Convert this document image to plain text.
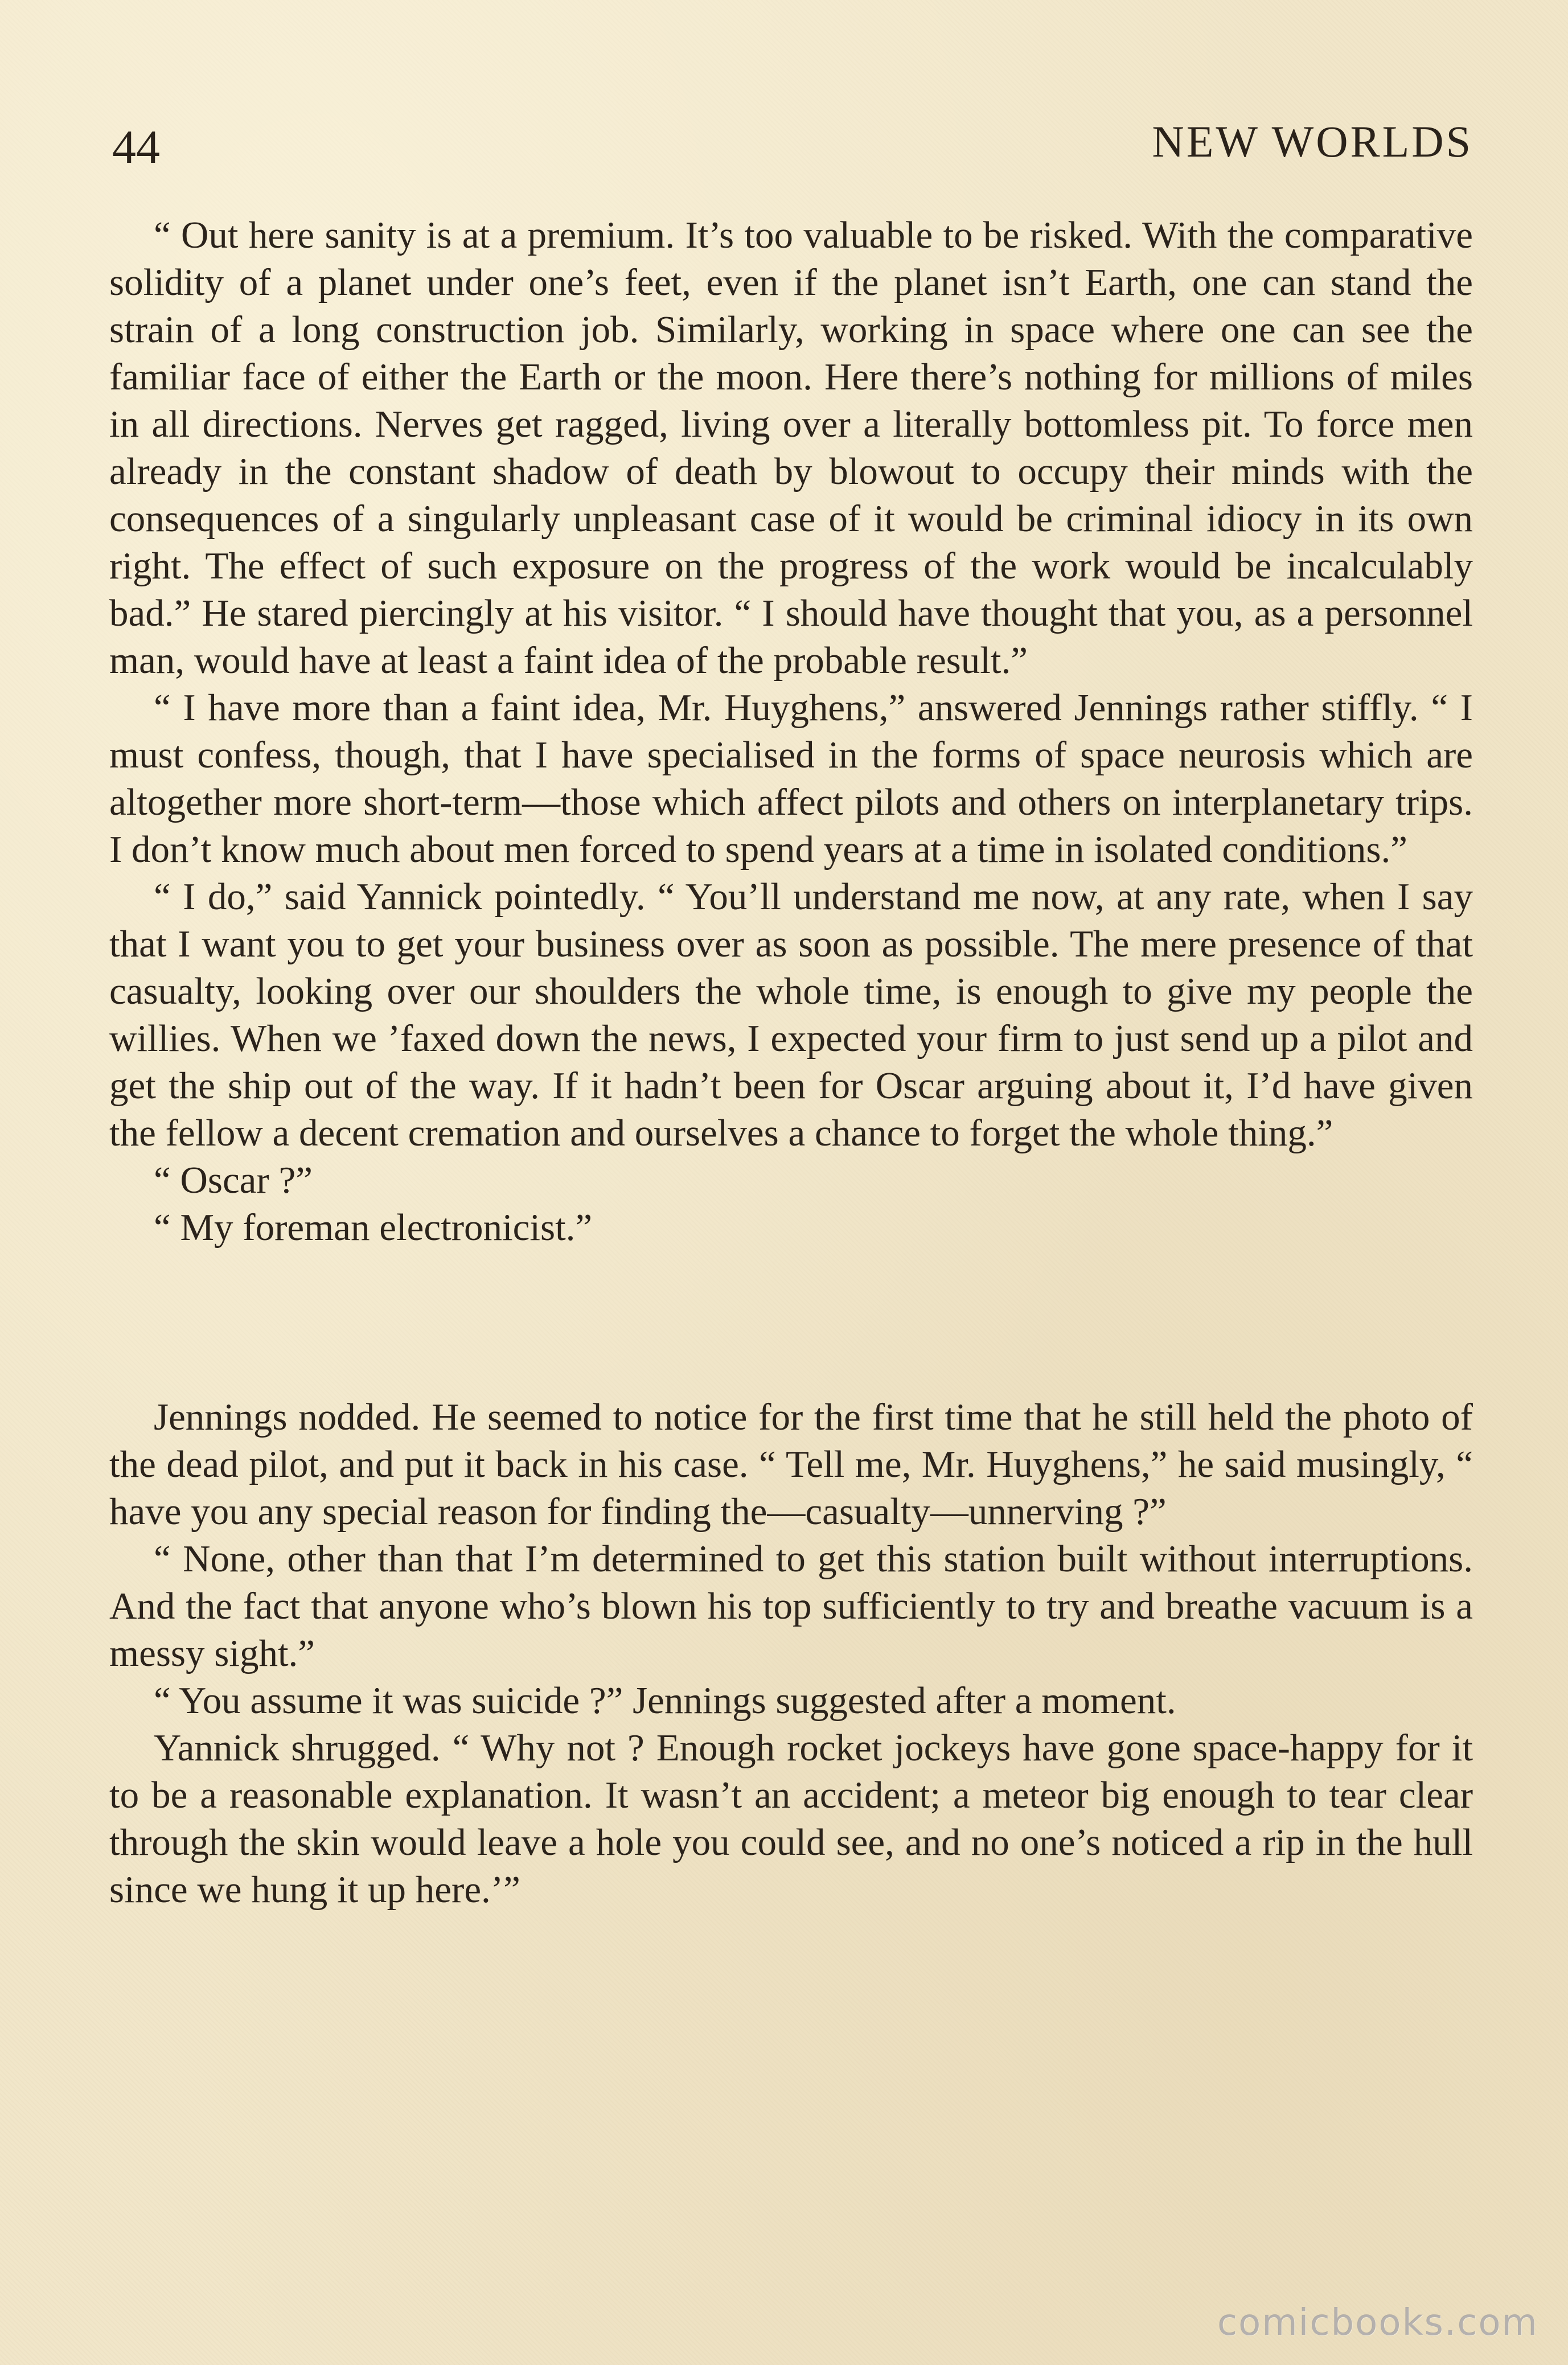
44	NEW WORLDS

“ Out here sanity is at a premium. It’s too valuable to be risked. With the comparative solidity of a planet under one’s feet, even if the planet isn’t Earth, one can stand the strain of a long construction job. Similarly, working in space where one can see the familiar face of either the Earth or the moon. Here there’s nothing for millions of miles in all directions. Nerves get ragged, living over a literally bottomless pit. To force men already in the constant shadow of death by blowout to occupy their minds with the consequences of a singularly unpleasant case of it would be criminal idiocy in its own right. The effect of such exposure on the progress of the work would be incalculably bad.” He stared piercingly at his visitor. “ I should have thought that you, as a personnel man, would have at least a faint idea of the probable result.”

“ I have more than a faint idea, Mr. Huyghens,” answered Jennings rather stiffly. “ I must confess, though, that I have specialised in the forms of space neurosis which are altogether more short-term—those which affect pilots and others on interplanetary trips. I don’t know much about men forced to spend years at a time in isolated conditions.”

“ I do,” said Yannick pointedly. “ You’ll understand me now, at any rate, when I say that I want you to get your business over as soon as possible. The mere presence of that casualty, looking over our shoulders the whole time, is enough to give my people the willies. When we ’faxed down the news, I expected your firm to just send up a pilot and get the ship out of the way. If it hadn’t been for Oscar arguing about it, I’d have given the fellow a decent cremation and ourselves a chance to forget the whole thing.”

“ Oscar ?”

“ My foreman electronicist.”

Jennings nodded. He seemed to notice for the first time that he still held the photo of the dead pilot, and put it back in his case. “ Tell me, Mr. Huyghens,” he said musingly, “ have you any special reason for finding the—casualty—unnerving ?”

“ None, other than that I’m determined to get this station built without interruptions. And the fact that anyone who’s blown his top sufficiently to try and breathe vacuum is a messy sight.”

“ You assume it was suicide ?” Jennings suggested after a moment.

Yannick shrugged. “ Why not ? Enough rocket jockeys have gone space-happy for it to be a reasonable explanation. It wasn’t an accident; a meteor big enough to tear clear through the skin would leave a hole you could see, and no one’s noticed a rip in the hull since we hung it up here.’”

comicbooks.com
